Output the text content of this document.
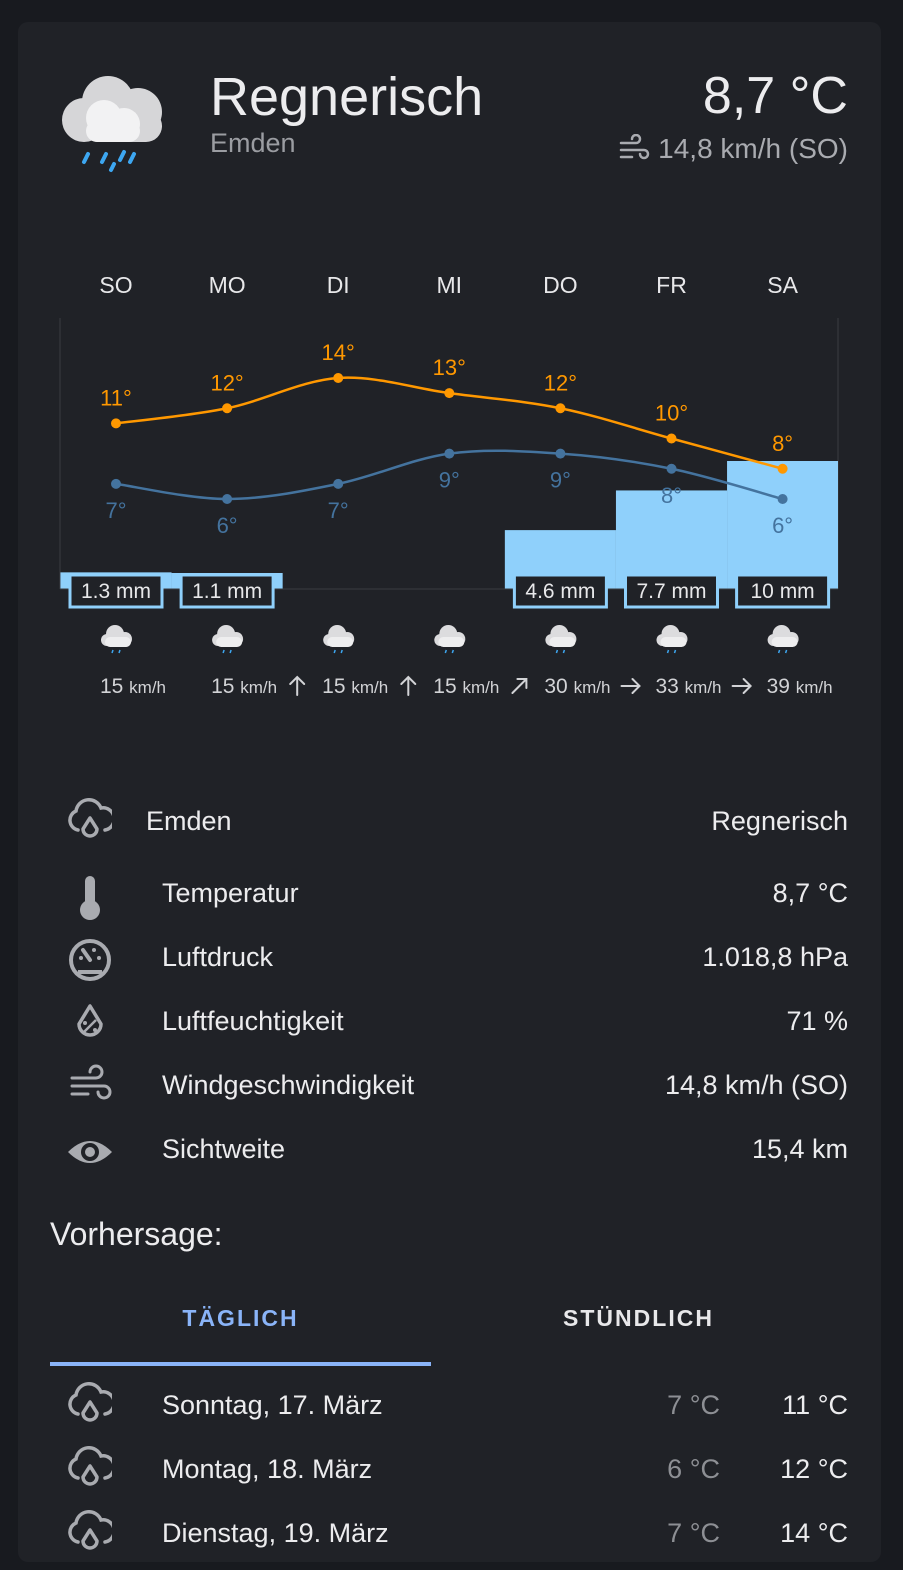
Regnerisch
Emden
8,7 °C
14,8 km/h (SO)
SO	MO	DI	MI	DO	FR	SA
11°
12°
14°
13°
12°
10°
8°
7°
6°
7°
9°	9°
8°
6°
1.3 mm 1.1 mm	4.6 mm 7.7 mm 10 mm
15 km/h 15 km/h 15 km/h 15 km/h 30 km/h 33 km/h 39 km/h
Emden	Regnerisch
Temperatur	8,7 °C
Luftdruck	1.018,8 hPa
Luftfeuchtigkeit	71 %
Windgeschwindigkeit	14,8 km/h (SO)
Sichtweite	15,4 km
Vorhersage:
TÄGLICH	STÜNDLICH
Sonntag, 17. März	7 °C 11 °C
Montag, 18. März	6 °C 12 °C
Dienstag, 19. März	7 °C 14 °C
